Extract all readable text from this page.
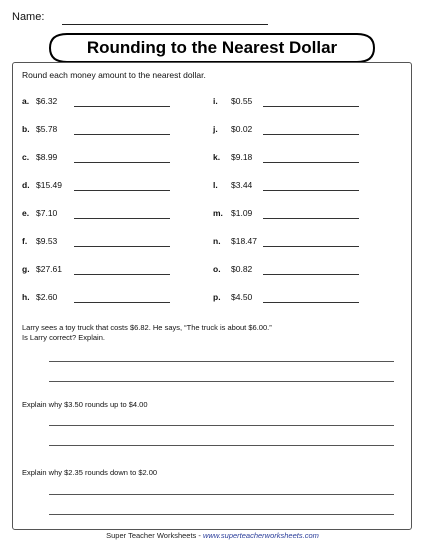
Name:
Rounding to the Nearest Dollar
Round each money amount to the nearest dollar.
a. $6.32
b. $5.78
c. $8.99
d. $15.49
e. $7.10
f. $9.53
g. $27.61
h. $2.60
i. $0.55
j. $0.02
k. $9.18
l. $3.44
m. $1.09
n. $18.47
o. $0.82
p. $4.50
Larry sees a toy truck that costs $6.82. He says, “The truck is about $6.00.”
Is Larry correct? Explain.
Explain why $3.50 rounds up to $4.00
Explain why $2.35 rounds down to $2.00
Super Teacher Worksheets - www.superteacherworksheets.com
